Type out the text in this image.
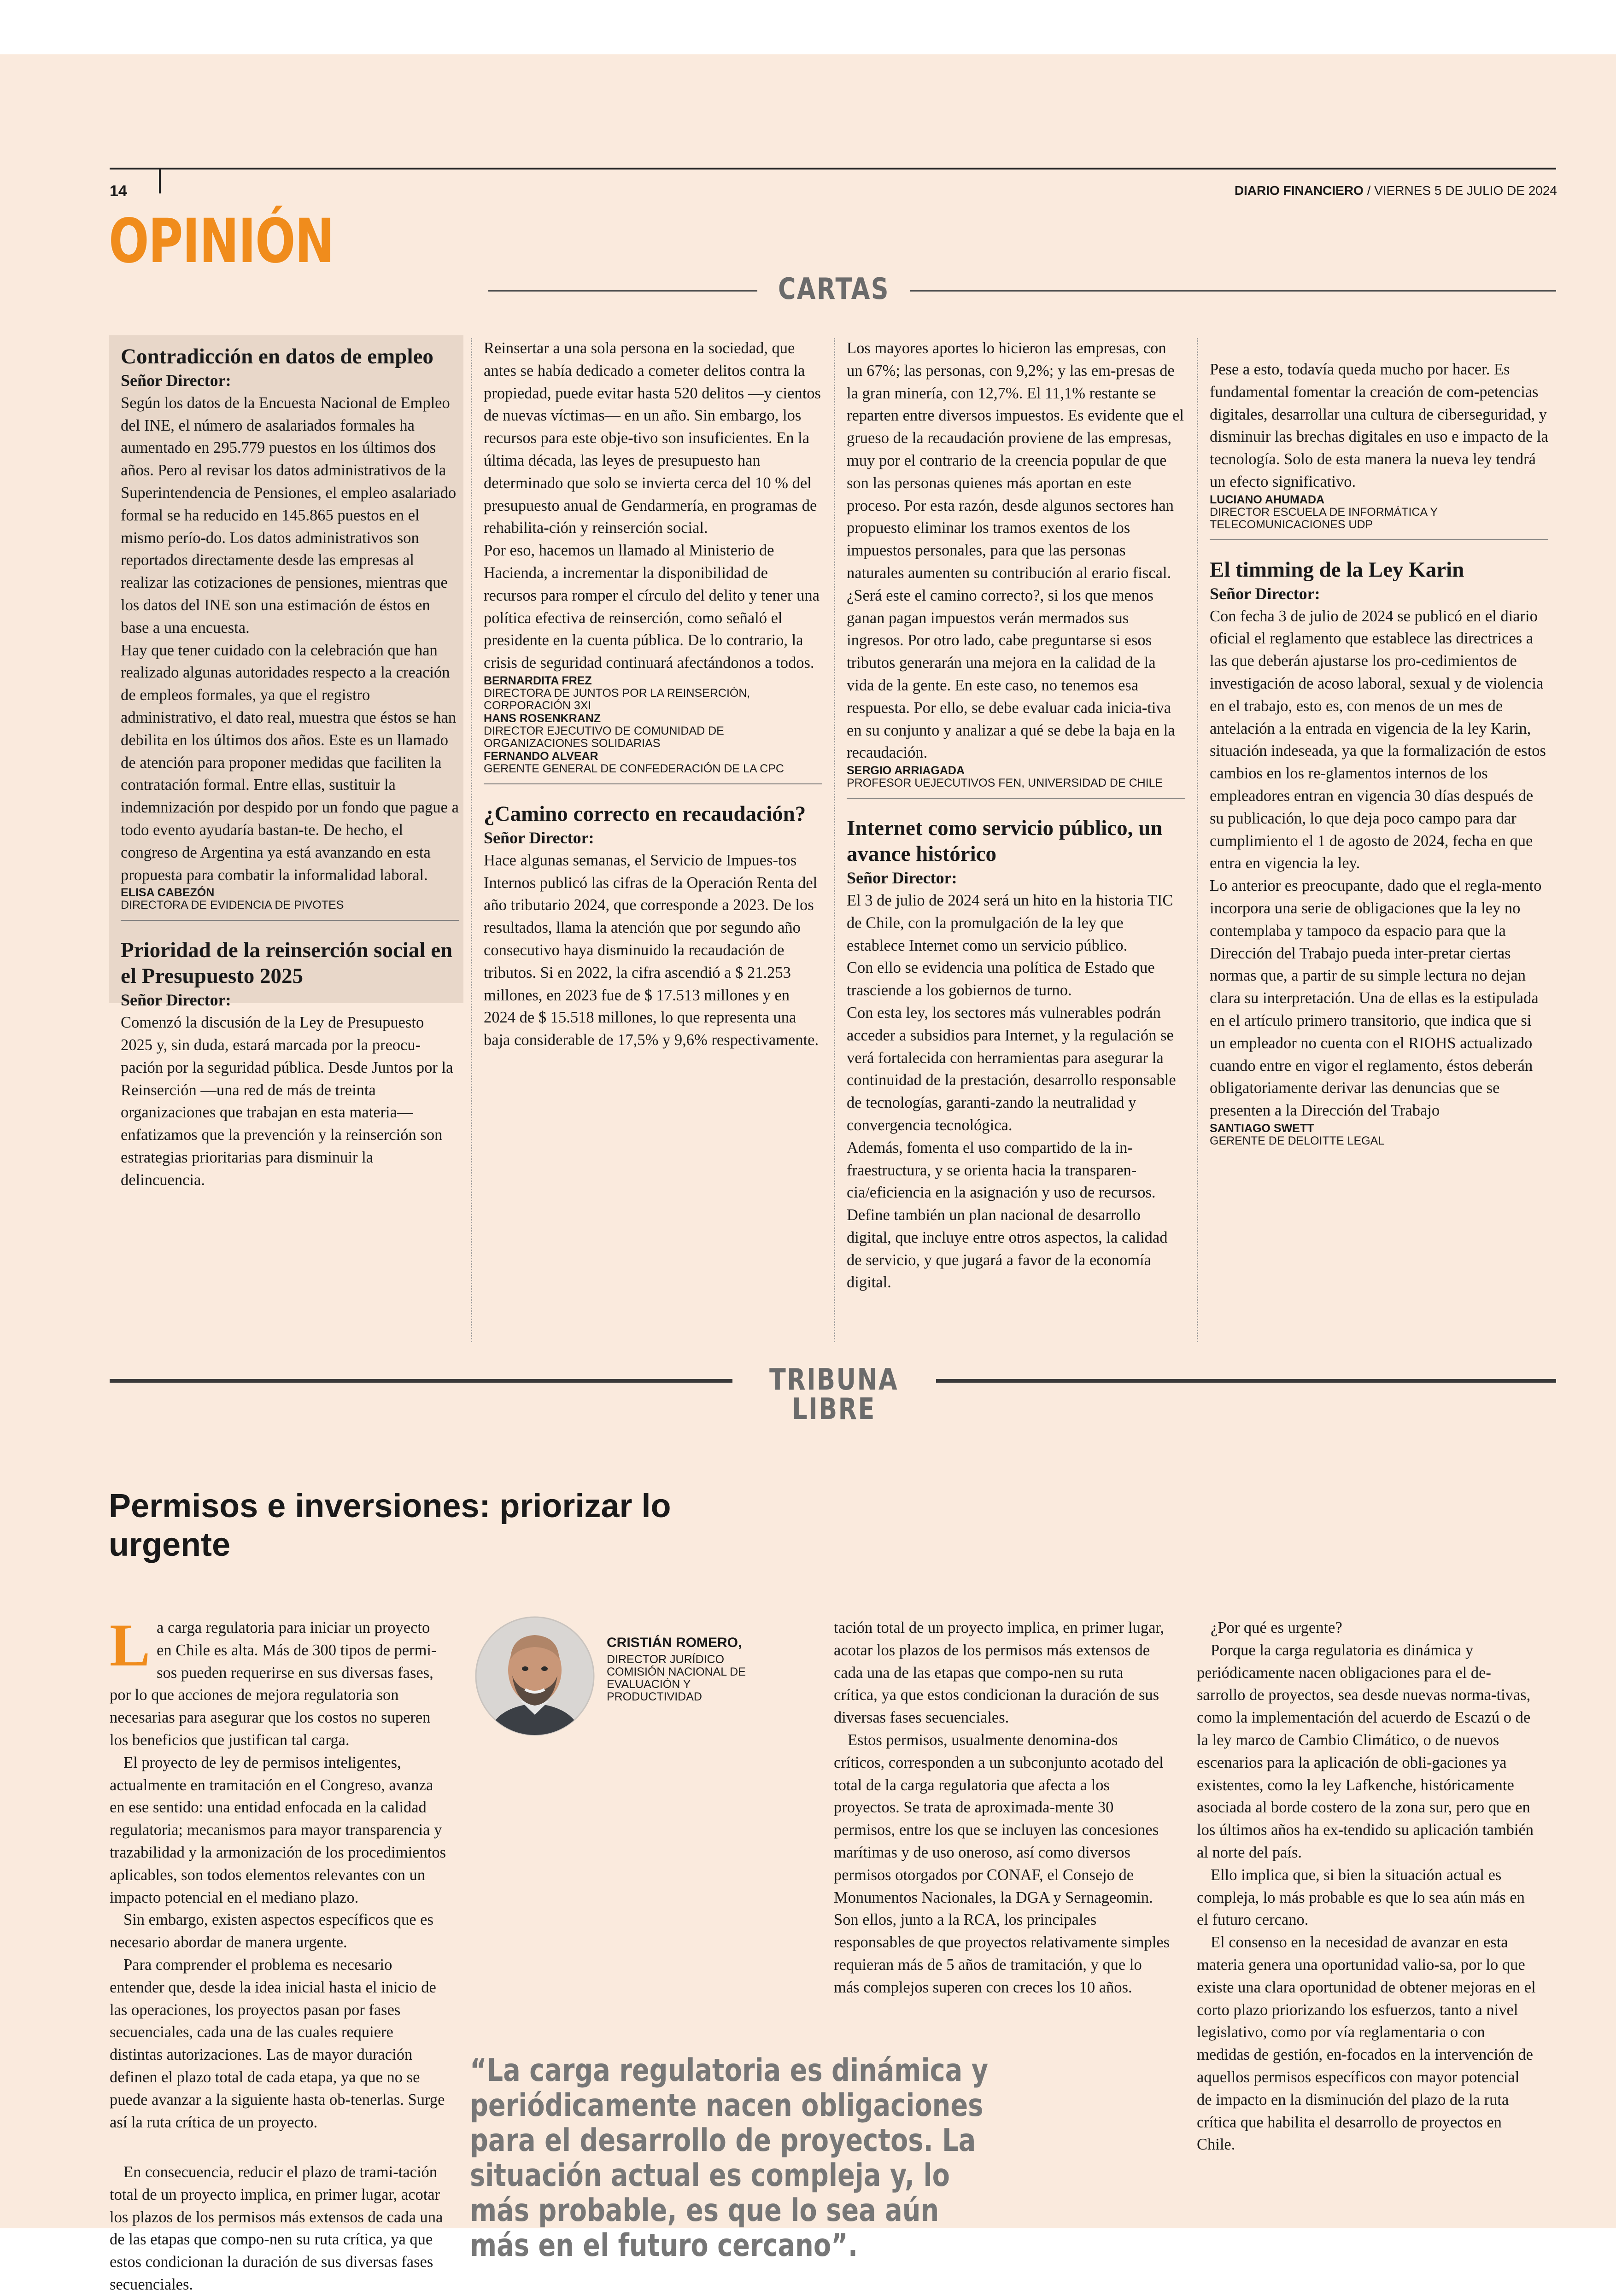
14	DIARIO FINANCIERO / VIERNES 5 DE JULIO DE 2024
OPINIÓN
CARTAS

Contradicción en datos de empleo

Señor Director:

Según los datos de la Encuesta Nacional de Empleo del INE, el número de asalariados formales ha aumentado en 295.779 puestos en los últimos dos años. Pero al revisar los datos administrativos de la Superintendencia de Pensiones, el empleo asalariado formal se ha reducido en 145.865 puestos en el mismo perío-do. Los datos administrativos son reportados directamente desde las empresas al realizar las cotizaciones de pensiones, mientras que los datos del INE son una estimación de éstos en base a una encuesta.

Hay que tener cuidado con la celebración que han realizado algunas autoridades respecto a la creación de empleos formales, ya que el registro administrativo, el dato real, muestra que éstos se han debilita en los últimos dos años. Este es un llamado de atención para proponer medidas que faciliten la contratación formal. Entre ellas, sustituir la indemnización por despido por un fondo que pague a todo evento ayudaría bastan-te. De hecho, el congreso de Argentina ya está avanzando en esta propuesta para combatir la informalidad laboral.

ELISA CABEZÓN

DIRECTORA DE EVIDENCIA DE PIVOTES

Prioridad de la reinserción social en el Presupuesto 2025

Señor Director:

Comenzó la discusión de la Ley de Presupuesto 2025 y, sin duda, estará marcada por la preocu-pación por la seguridad pública. Desde Juntos por la Reinserción —una red de más de treinta organizaciones que trabajan en esta materia— enfatizamos que la prevención y la reinserción son estrategias prioritarias para disminuir la delincuencia.

Reinsertar a una sola persona en la sociedad, que antes se había dedicado a cometer delitos contra la propiedad, puede evitar hasta 520 delitos —y cientos de nuevas víctimas— en un año. Sin embargo, los recursos para este obje-tivo son insuficientes. En la última década, las leyes de presupuesto han determinado que solo se invierta cerca del 10 % del presupuesto anual de Gendarmería, en programas de rehabilita-ción y reinserción social.

Por eso, hacemos un llamado al Ministerio de Hacienda, a incrementar la disponibilidad de recursos para romper el círculo del delito y tener una política efectiva de reinserción, como señaló el presidente en la cuenta pública. De lo contrario, la crisis de seguridad continuará afectándonos a todos.

BERNARDITA FREZ

DIRECTORA DE JUNTOS POR LA REINSERCIÓN, CORPORACIÓN 3XI

HANS ROSENKRANZ

DIRECTOR EJECUTIVO DE COMUNIDAD DE ORGANIZACIONES SOLIDARIAS

FERNANDO ALVEAR

GERENTE GENERAL DE CONFEDERACIÓN DE LA CPC

¿Camino correcto en recaudación?

Señor Director:

Hace algunas semanas, el Servicio de Impues-tos Internos publicó las cifras de la Operación Renta del año tributario 2024, que corresponde a 2023. De los resultados, llama la atención que por segundo año consecutivo haya disminuido la recaudación de tributos. Si en 2022, la cifra ascendió a $ 21.253 millones, en 2023 fue de $ 17.513 millones y en 2024 de $ 15.518 millones, lo que representa una baja considerable de 17,5% y 9,6% respectivamente.

Los mayores aportes lo hicieron las empresas, con un 67%; las personas, con 9,2%; y las em-presas de la gran minería, con 12,7%. El 11,1% restante se reparten entre diversos impuestos. Es evidente que el grueso de la recaudación proviene de las empresas, muy por el contrario de la creencia popular de que son las personas quienes más aportan en este proceso. Por esta razón, desde algunos sectores han propuesto eliminar los tramos exentos de los impuestos personales, para que las personas naturales aumenten su contribución al erario fiscal.

¿Será este el camino correcto?, si los que menos ganan pagan impuestos verán mermados sus ingresos. Por otro lado, cabe preguntarse si esos tributos generarán una mejora en la calidad de la vida de la gente. En este caso, no tenemos esa respuesta. Por ello, se debe evaluar cada inicia-tiva en su conjunto y analizar a qué se debe la baja en la recaudación.

SERGIO ARRIAGADA

PROFESOR UEJECUTIVOS FEN, UNIVERSIDAD DE CHILE

Internet como servicio público, un avance histórico

Señor Director:

El 3 de julio de 2024 será un hito en la historia TIC de Chile, con la promulgación de la ley que establece Internet como un servicio público.

Con ello se evidencia una política de Estado que trasciende a los gobiernos de turno.

Con esta ley, los sectores más vulnerables podrán acceder a subsidios para Internet, y la regulación se verá fortalecida con herramientas para asegurar la continuidad de la prestación, desarrollo responsable de tecnologías, garanti-zando la neutralidad y convergencia tecnológica.

Además, fomenta el uso compartido de la in-fraestructura, y se orienta hacia la transparen-cia/eficiencia en la asignación y uso de recursos.

Define también un plan nacional de desarrollo digital, que incluye entre otros aspectos, la calidad de servicio, y que jugará a favor de la economía digital.

Pese a esto, todavía queda mucho por hacer. Es fundamental fomentar la creación de com-petencias digitales, desarrollar una cultura de ciberseguridad, y disminuir las brechas digitales en uso e impacto de la tecnología. Solo de esta manera la nueva ley tendrá un efecto significativo.

LUCIANO AHUMADA

DIRECTOR ESCUELA DE INFORMÁTICA Y TELECOMUNICACIONES UDP

El timming de la Ley Karin

Señor Director:

Con fecha 3 de julio de 2024 se publicó en el diario oficial el reglamento que establece las directrices a las que deberán ajustarse los pro-cedimientos de investigación de acoso laboral, sexual y de violencia en el trabajo, esto es, con menos de un mes de antelación a la entrada en vigencia de la ley Karin, situación indeseada, ya que la formalización de estos cambios en los re-glamentos internos de los empleadores entran en vigencia 30 días después de su publicación, lo que deja poco campo para dar cumplimiento el 1 de agosto de 2024, fecha en que entra en vigencia la ley.

Lo anterior es preocupante, dado que el regla-mento incorpora una serie de obligaciones que la ley no contemplaba y tampoco da espacio para que la Dirección del Trabajo pueda inter-pretar ciertas normas que, a partir de su simple lectura no dejan clara su interpretación. Una de ellas es la estipulada en el artículo primero transitorio, que indica que si un empleador no cuenta con el RIOHS actualizado cuando entre en vigor el reglamento, éstos deberán obligatoriamente derivar las denuncias que se presenten a la Dirección del Trabajo

SANTIAGO SWETT

GERENTE DE DELOITTE LEGAL

TRIBUNA LIBRE
Permisos e inversiones: priorizar lo urgente
CRISTIÁN ROMERO,
DIRECTOR JURÍDICO COMISIÓN NACIONAL DE EVALUACIÓN Y PRODUCTIVIDAD

La carga regulatoria para iniciar un proyecto en Chile es alta. Más de 300 tipos de permi-sos pueden requerirse en sus diversas fases, por lo que acciones de mejora regulatoria son necesarias para asegurar que los costos no superen los beneficios que justifican tal carga.

El proyecto de ley de permisos inteligentes, actualmente en tramitación en el Congreso, avanza en ese sentido: una entidad enfocada en la calidad regulatoria; mecanismos para mayor transparencia y trazabilidad y la armonización de los procedimientos aplicables, son todos elementos relevantes con un impacto potencial en el mediano plazo.

Sin embargo, existen aspectos específicos que es necesario abordar de manera urgente.

Para comprender el problema es necesario entender que, desde la idea inicial hasta el inicio de las operaciones, los proyectos pasan por fases secuenciales, cada una de las cuales requiere distintas autorizaciones. Las de mayor duración definen el plazo total de cada etapa, ya que no se puede avanzar a la siguiente hasta ob-tenerlas. Surge así la ruta crítica de un proyecto.

En consecuencia, reducir el plazo de trami-tación total de un proyecto implica, en primer lugar, acotar los plazos de los permisos más extensos de cada una de las etapas que compo-nen su ruta crítica, ya que estos condicionan la duración de sus diversas fases secuenciales.

tación total de un proyecto implica, en primer lugar, acotar los plazos de los permisos más extensos de cada una de las etapas que compo-nen su ruta crítica, ya que estos condicionan la duración de sus diversas fases secuenciales.

Estos permisos, usualmente denomina-dos críticos, corresponden a un subconjunto acotado del total de la carga regulatoria que afecta a los proyectos. Se trata de aproximada-mente 30 permisos, entre los que se incluyen las concesiones marítimas y de uso oneroso, así como diversos permisos otorgados por CONAF, el Consejo de Monumentos Nacionales, la DGA y Sernageomin. Son ellos, junto a la RCA, los principales responsables de que proyectos relativamente simples requieran más de 5 años de tramitación, y que lo más complejos superen con creces los 10 años.

¿Por qué es urgente?

Porque la carga regulatoria es dinámica y periódicamente nacen obligaciones para el de-sarrollo de proyectos, sea desde nuevas norma-tivas, como la implementación del acuerdo de Escazú o de la ley marco de Cambio Climático, o de nuevos escenarios para la aplicación de obli-gaciones ya existentes, como la ley Lafkenche, históricamente asociada al borde costero de la zona sur, pero que en los últimos años ha ex-tendido su aplicación también al norte del país.

Ello implica que, si bien la situación actual es compleja, lo más probable es que lo sea aún más en el futuro cercano.

El consenso en la necesidad de avanzar en esta materia genera una oportunidad valio-sa, por lo que existe una clara oportunidad de obtener mejoras en el corto plazo priorizando los esfuerzos, tanto a nivel legislativo, como por vía reglamentaria o con medidas de gestión, en-focados en la intervención de aquellos permisos específicos con mayor potencial de impacto en la disminución del plazo de la ruta crítica que habilita el desarrollo de proyectos en Chile.

“La carga regulatoria es dinámica y periódicamente nacen obligaciones para el desarrollo de proyectos. La situación actual es compleja y, lo más probable, es que lo sea aún más en el futuro cercano”.
